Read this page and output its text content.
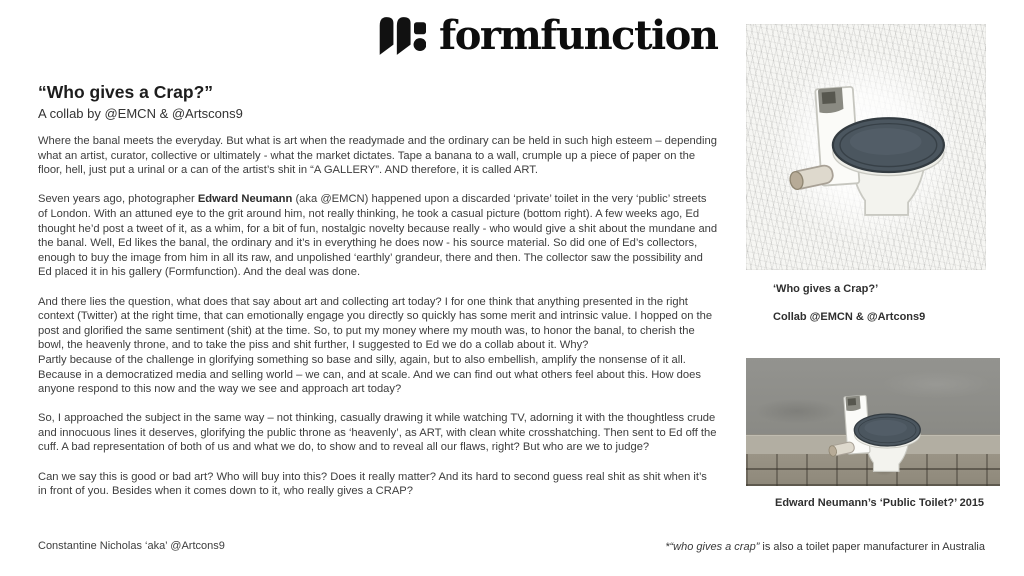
formfunction
“Who gives a Crap?”
A collab by @EMCN & @Artscons9

Where the banal meets the everyday. But what is art when the readymade and the ordinary can be held in such high esteem – depending what an artist, curator, collective or ultimately - what the market dictates. Tape a banana to a wall, crumple up a piece of paper on the floor, hell, just put a urinal or a can of the artist’s shit in “A GALLERY”. AND therefore, it is called ART.

Seven years ago, photographer Edward Neumann (aka @EMCN) happened upon a discarded ‘private’ toilet in the very ‘public’ streets of London. With an attuned eye to the grit around him, not really thinking, he took a casual picture (bottom right). A few weeks ago, Ed thought he’d post a tweet of it, as a whim, for a bit of fun, nostalgic novelty because really - who would give a shit about the mundane and the banal. Well, Ed likes the banal, the ordinary and it’s in everything he does now - his source material. So did one of Ed’s collectors, enough to buy the image from him in all its raw, and unpolished ‘earthly’ grandeur, there and then. The collector saw the possibility and Ed placed it in his gallery (Formfunction). And the deal was done.

And there lies the question, what does that say about art and collecting art today? I for one think that anything presented in the right context (Twitter) at the right time, that can emotionally engage you directly so quickly has some merit and intrinsic value. I hopped on the post and glorified the same sentiment (shit) at the time. So, to put my money where my mouth was, to honor the banal, to cherish the bowl, the heavenly throne, and to take the piss and shit further, I suggested to Ed we do a collab about it. Why?
Partly because of the challenge in glorifying something so base and silly, again, but to also embellish, amplify the nonsense of it all. Because in a democratized media and selling world – we can, and at scale. And we can find out what others feel about this. How does anyone respond to this now and the way we see and approach art today?

So, I approached the subject in the same way – not thinking, casually drawing it while watching TV, adorning it with the thoughtless crude and innocuous lines it deserves, glorifying the public throne as ‘heavenly’, as ART, with clean white crosshatching. Then sent to Ed off the cuff. A bad representation of both of us and what we do, to show and to reveal all our flaws, right? But who are we to judge?

Can we say this is good or bad art? Who will buy into this? Does it really matter? And its hard to second guess real shit as shit when it’s in front of you. Besides when it comes down to it, who really gives a CRAP?

Constantine Nicholas ‘aka’ @Artcons9
‘Who gives a Crap?’
Collab @EMCN & @Artcons9
Edward Neumann’s ‘Public Toilet?’ 2015
*“who gives a crap” is also a toilet paper manufacturer in Australia
